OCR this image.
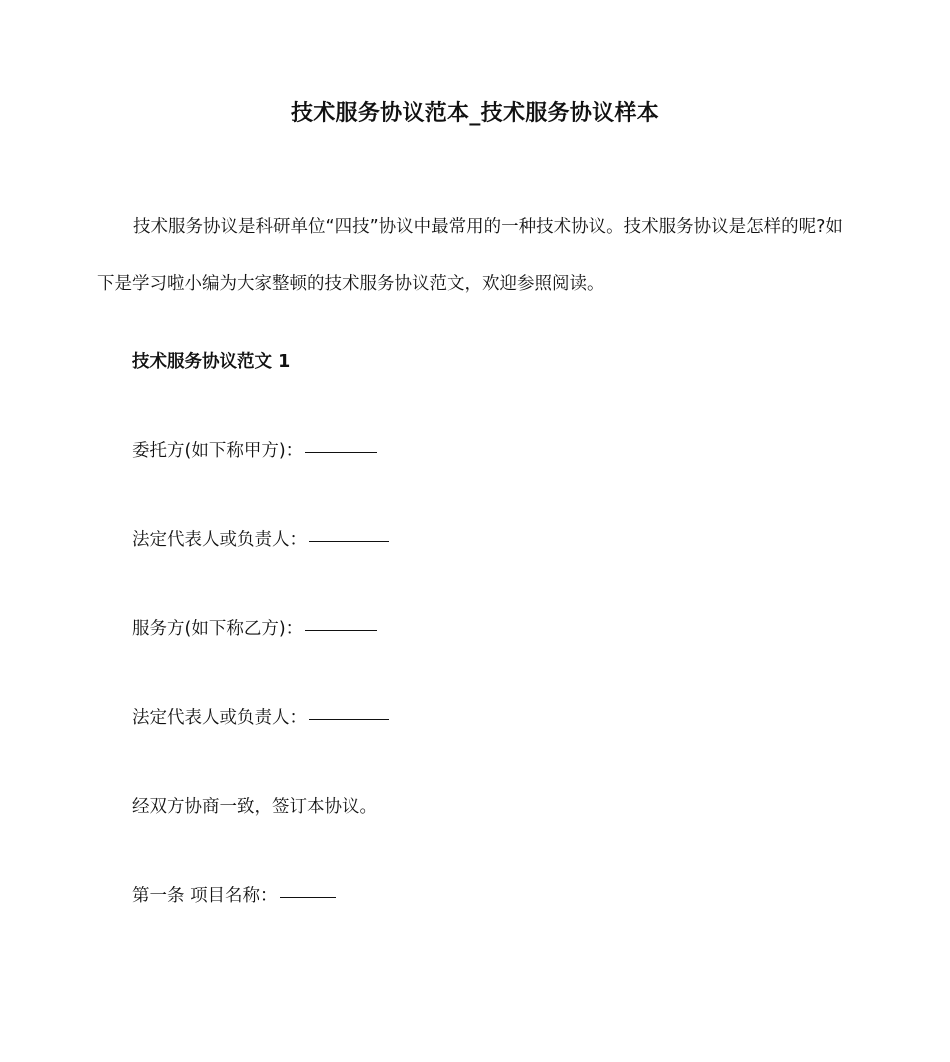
技术服务协议范本_技术服务协议样本

技术服务协议是科研单位“四技”协议中最常用的一种技术协议。技术服务协议是怎样的呢?如下是学习啦小编为大家整顿的技术服务协议范文，欢迎参照阅读。

技术服务协议范文 1
委托方(如下称甲方)：
法定代表人或负责人：
服务方(如下称乙方)：
法定代表人或负责人：
经双方协商一致，签订本协议。
第一条 项目名称：
